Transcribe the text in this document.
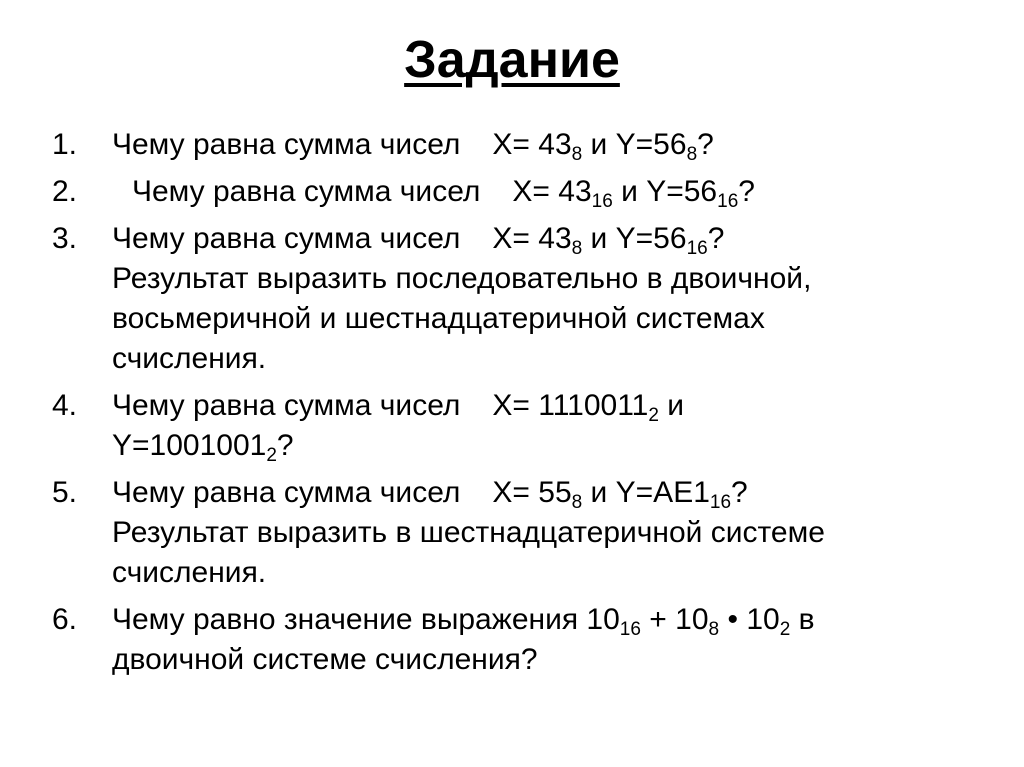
Задание
1.	Чему равна сумма чисел $X= 43_8$ и $Y=56_8$?
2.	Чему равна сумма чисел $X= 43_{16}$ и $Y=56_{16}$?
3.	Чему равна сумма чисел $X= 43_8$ и $Y=56_{16}$?
Результат выразить последовательно в двоичной,
восьмеричной и шестнадцатеричной системах
счисления.
4.	Чему равна сумма чисел $X= 1110011_2$ и
$Y=1001001_2$?
5.	Чему равна сумма чисел $X= 55_8$ и $Y=AE1_{16}$?
Результат выразить в шестнадцатеричной системе
счисления.
6.	Чему равно значение выражения $10_{16} + 10_8$ • $10_2$ в
двоичной системе счисления?
